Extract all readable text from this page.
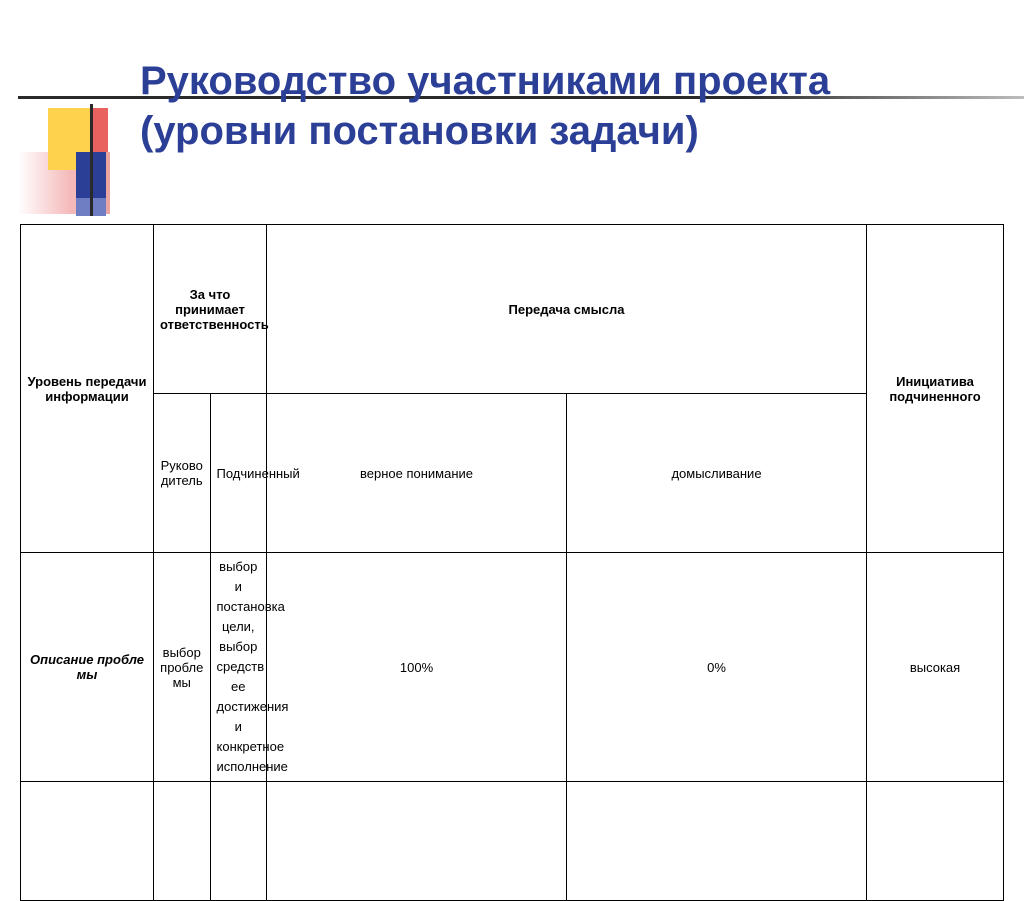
Руководство участниками проекта
(уровни постановки задачи)
Уровень передачи информации	За что принимает ответственность		Передача смысла		Инициатива подчиненного
	Руководитель	Подчиненный	верное понимание	домысливание	
Описание проблемы	выбор проблемы	выбор и постановка цели, выбор средств ее достижения и конкретное исполнение	100%	0%	высокая
